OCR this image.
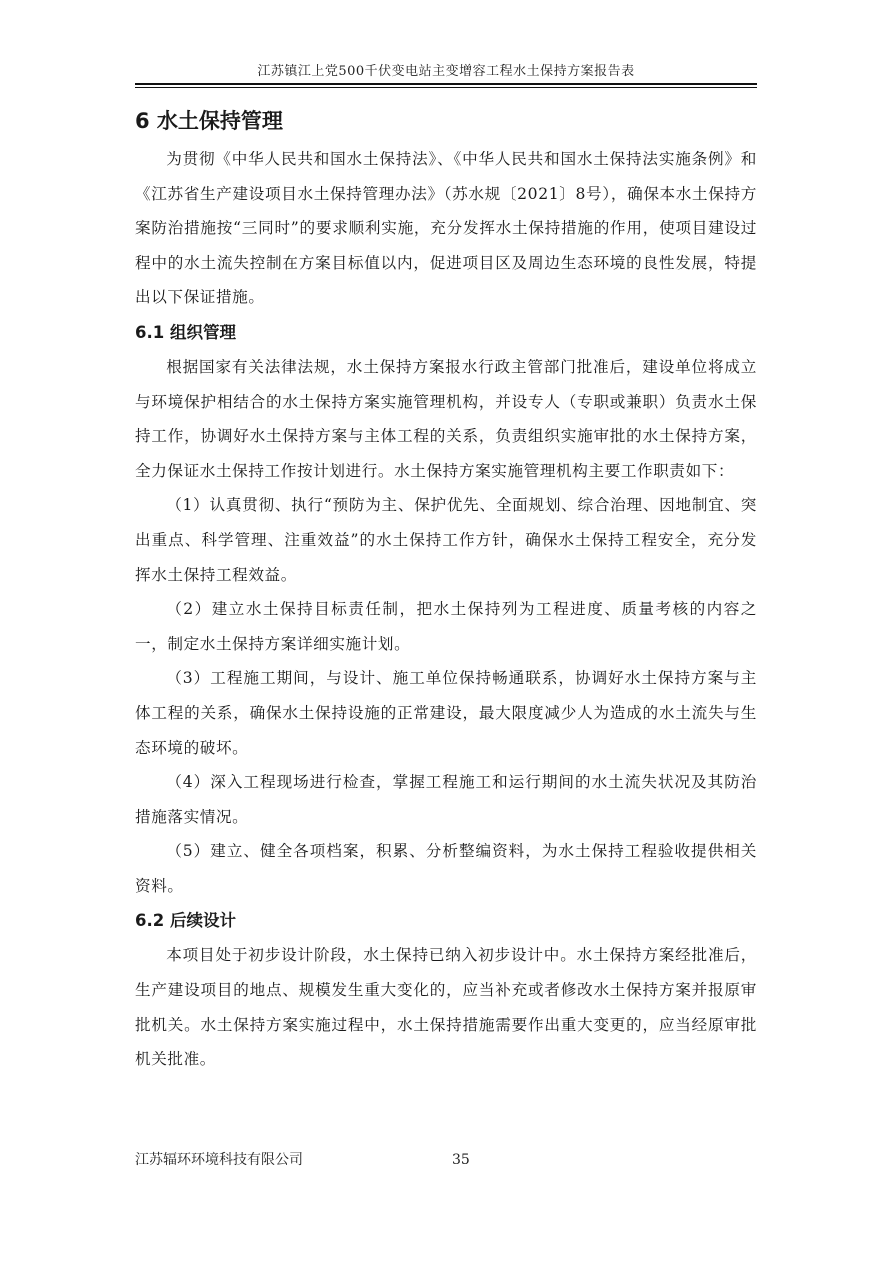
江苏镇江上党500千伏变电站主变增容工程水土保持方案报告表
6 水土保持管理

为贯彻《中华人民共和国水土保持法》、《中华人民共和国水土保持法实施条例》和《江苏省生产建设项目水土保持管理办法》（苏水规〔2021〕8号），确保本水土保持方案防治措施按“三同时”的要求顺利实施，充分发挥水土保持措施的作用，使项目建设过程中的水土流失控制在方案目标值以内，促进项目区及周边生态环境的良性发展，特提出以下保证措施。

6.1 组织管理

根据国家有关法律法规，水土保持方案报水行政主管部门批准后，建设单位将成立与环境保护相结合的水土保持方案实施管理机构，并设专人（专职或兼职）负责水土保持工作，协调好水土保持方案与主体工程的关系，负责组织实施审批的水土保持方案，全力保证水土保持工作按计划进行。水土保持方案实施管理机构主要工作职责如下：

（1）认真贯彻、执行“预防为主、保护优先、全面规划、综合治理、因地制宜、突出重点、科学管理、注重效益”的水土保持工作方针，确保水土保持工程安全，充分发挥水土保持工程效益。

（2）建立水土保持目标责任制，把水土保持列为工程进度、质量考核的内容之一，制定水土保持方案详细实施计划。

（3）工程施工期间，与设计、施工单位保持畅通联系，协调好水土保持方案与主体工程的关系，确保水土保持设施的正常建设，最大限度减少人为造成的水土流失与生态环境的破坏。

（4）深入工程现场进行检查，掌握工程施工和运行期间的水土流失状况及其防治措施落实情况。

（5）建立、健全各项档案，积累、分析整编资料，为水土保持工程验收提供相关资料。

6.2 后续设计

本项目处于初步设计阶段，水土保持已纳入初步设计中。水土保持方案经批准后，生产建设项目的地点、规模发生重大变化的，应当补充或者修改水土保持方案并报原审批机关。水土保持方案实施过程中，水土保持措施需要作出重大变更的，应当经原审批机关批准。

江苏辐环环境科技有限公司	35
